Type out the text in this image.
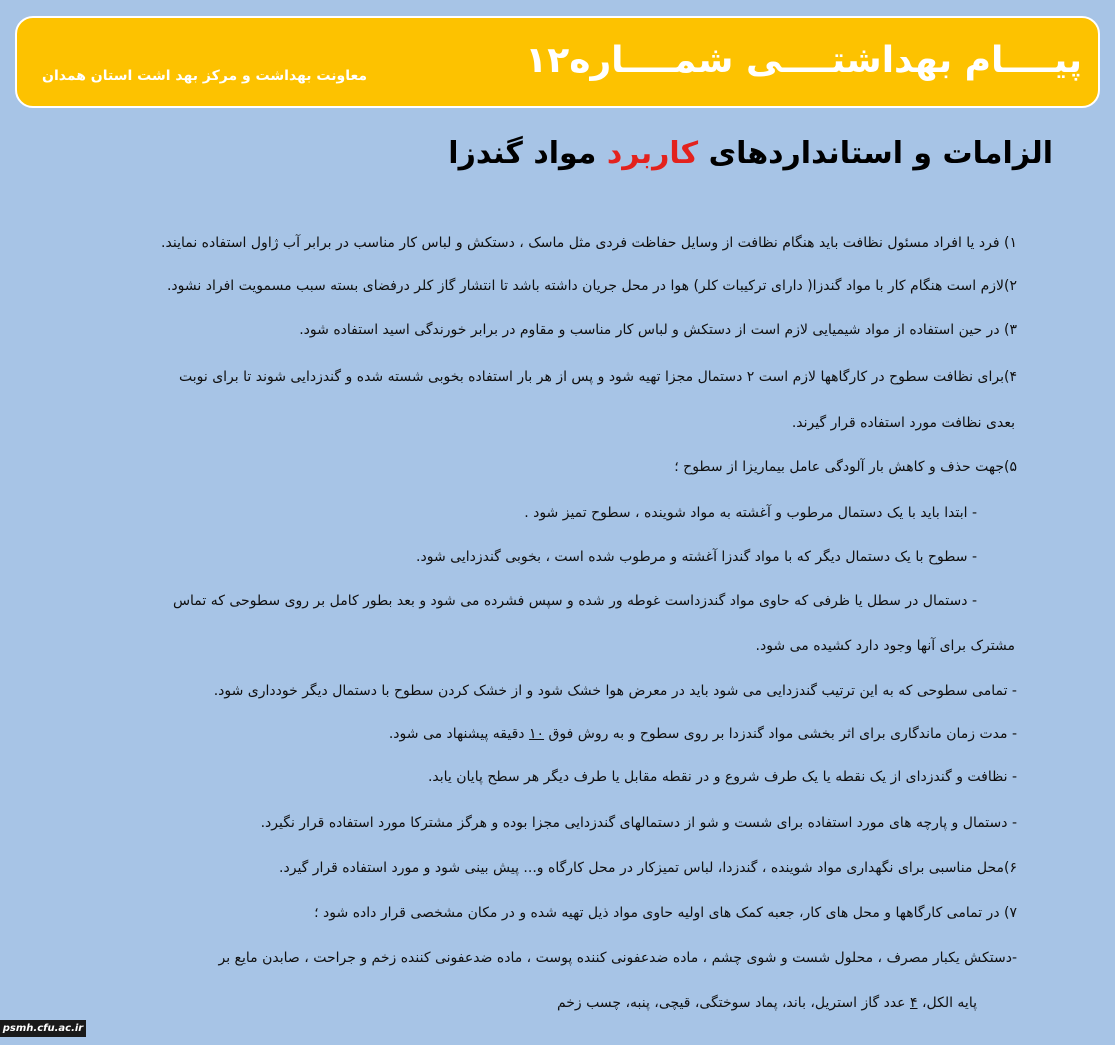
پیــــام بهداشتــــی شمــــاره۱۲
معاونت بهداشت و مرکز بهد اشت استان همدان
الزامات و استانداردهای کاربرد مواد گندزا
۱) فرد یا افراد مسئول نظافت باید هنگام نظافت از وسایل حفاظت فردی مثل ماسک ، دستکش و لباس کار مناسب در برابر آب ژاول استفاده نمایند.
۲)لازم است هنگام کار با مواد گندزا( دارای ترکیبات کلر) هوا در محل جریان داشته باشد تا انتشار گاز کلر درفضای بسته سبب مسمویت افراد نشود.
۳) در حین استفاده از مواد شیمیایی لازم است از دستکش و لباس کار مناسب و مقاوم در برابر خورندگی اسید استفاده شود.
۴)برای نظافت سطوح در کارگاهها لازم است ۲ دستمال مجزا تهیه شود و پس از هر بار استفاده بخوبی شسته شده و گندزدایی شوند تا برای نوبت
بعدی نظافت مورد استفاده قرار گیرند.
۵)جهت حذف و کاهش بار آلودگی عامل بیماریزا از سطوح ؛
- ابتدا باید با یک دستمال مرطوب و آغشته به مواد شوینده ، سطوح تمیز شود .
- سطوح با یک دستمال دیگر که با مواد گندزا آغشته و مرطوب شده است ، بخوبی گندزدایی شود.
- دستمال در سطل یا ظرفی که حاوی مواد گندزداست غوطه ور شده و سپس فشرده می شود و بعد بطور کامل بر روی سطوحی که تماس
مشترک برای آنها وجود دارد کشیده می شود.
- تمامی سطوحی که به این ترتیب گندزدایی می شود باید در معرض هوا خشک شود و از خشک کردن سطوح با دستمال دیگر خودداری شود.
- مدت زمان ماندگاری برای اثر بخشی مواد گندزدا بر روی سطوح و به روش فوق ۱۰ دقیقه پیشنهاد می شود.
- نظافت و گندزدای از یک نقطه یا یک طرف شروع و در نقطه مقابل یا طرف دیگر هر سطح پایان یابد.
- دستمال و پارچه های مورد استفاده برای شست و شو از دستمالهای گندزدایی مجزا بوده و هرگز مشترکا مورد استفاده قرار نگیرد.
۶)محل مناسبی برای نگهداری مواد شوینده ، گندزدا، لباس تمیزکار در محل کارگاه و... پیش بینی شود و مورد استفاده قرار گیرد.
۷) در تمامی کارگاهها و محل های کار، جعبه کمک های اولیه حاوی مواد ذیل تهیه شده و در مکان مشخصی قرار داده شود ؛
-دستکش یکبار مصرف ، محلول شست و شوی چشم ، ماده ضدعفونی کننده پوست ، ماده ضدعفونی کننده زخم و جراحت ، صابدن مایع بر
پایه الکل، ۴ عدد گاز استریل، باند، پماد سوختگی، قیچی، پنبه، چسب زخم
psmh.cfu.ac.ir
